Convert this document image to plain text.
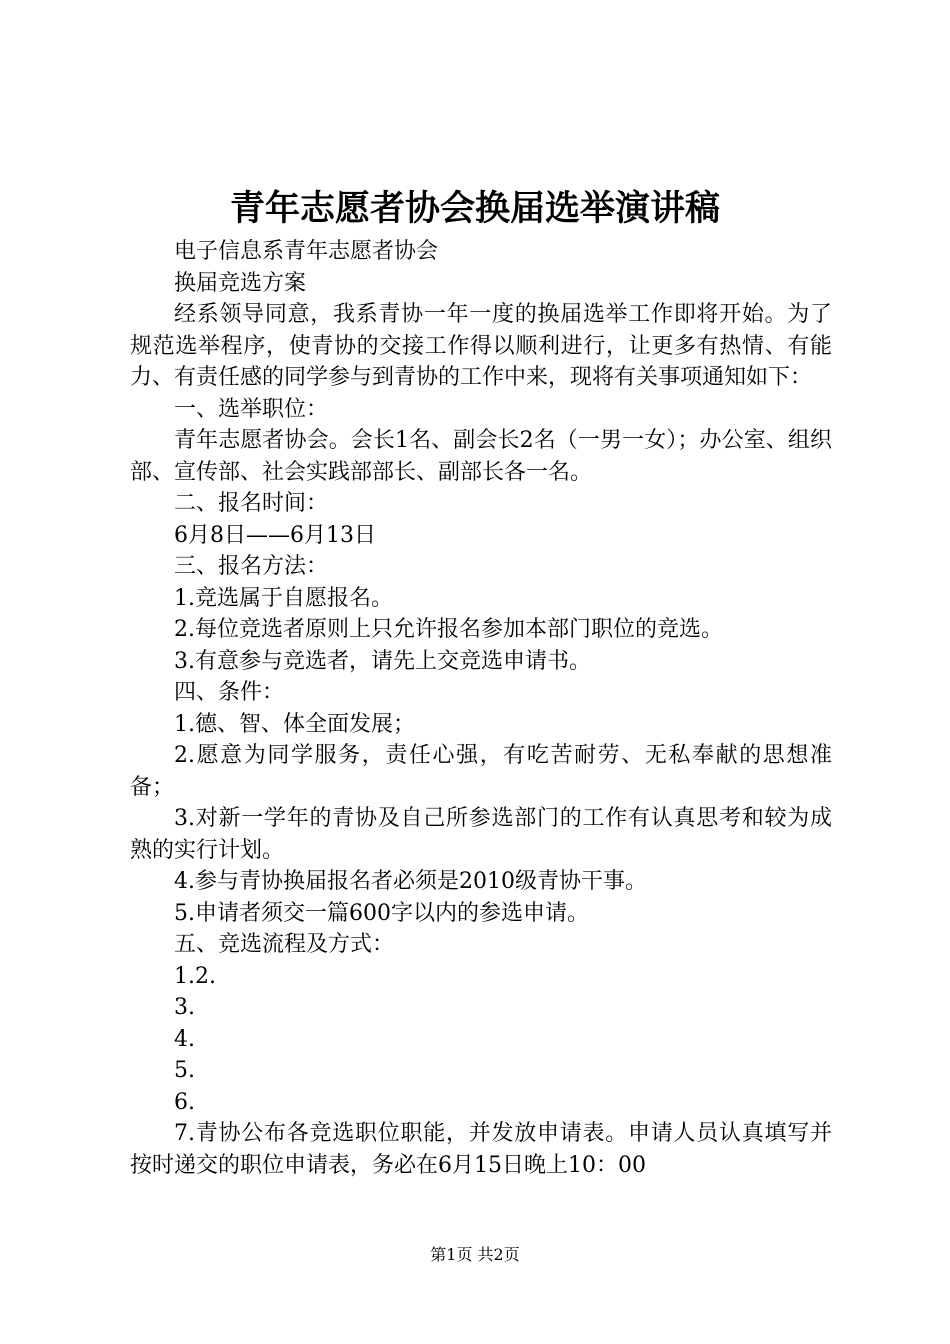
青年志愿者协会换届选举演讲稿

电子信息系青年志愿者协会

换届竞选方案

经系领导同意，我系青协一年一度的换届选举工作即将开始。为了规范选举程序，使青协的交接工作得以顺利进行，让更多有热情、有能力、有责任感的同学参与到青协的工作中来，现将有关事项通知如下：

一、选举职位：

青年志愿者协会。会长1名、副会长2名（一男一女）；办公室、组织部、宣传部、社会实践部部长、副部长各一名。

二、报名时间：

6月8日——6月13日

三、报名方法：

1.竞选属于自愿报名。

2.每位竞选者原则上只允许报名参加本部门职位的竞选。

3.有意参与竞选者，请先上交竞选申请书。

四、条件：

1.德、智、体全面发展；

2.愿意为同学服务，责任心强，有吃苦耐劳、无私奉献的思想准备；

3.对新一学年的青协及自己所参选部门的工作有认真思考和较为成熟的实行计划。

4.参与青协换届报名者必须是2010级青协干事。

5.申请者须交一篇600字以内的参选申请。

五、竞选流程及方式：

1.2.

3.

4.

5.

6.

7.青协公布各竞选职位职能，并发放申请表。申请人员认真填写并按时递交的职位申请表，务必在6月15日晚上10：00

第1页 共2页
